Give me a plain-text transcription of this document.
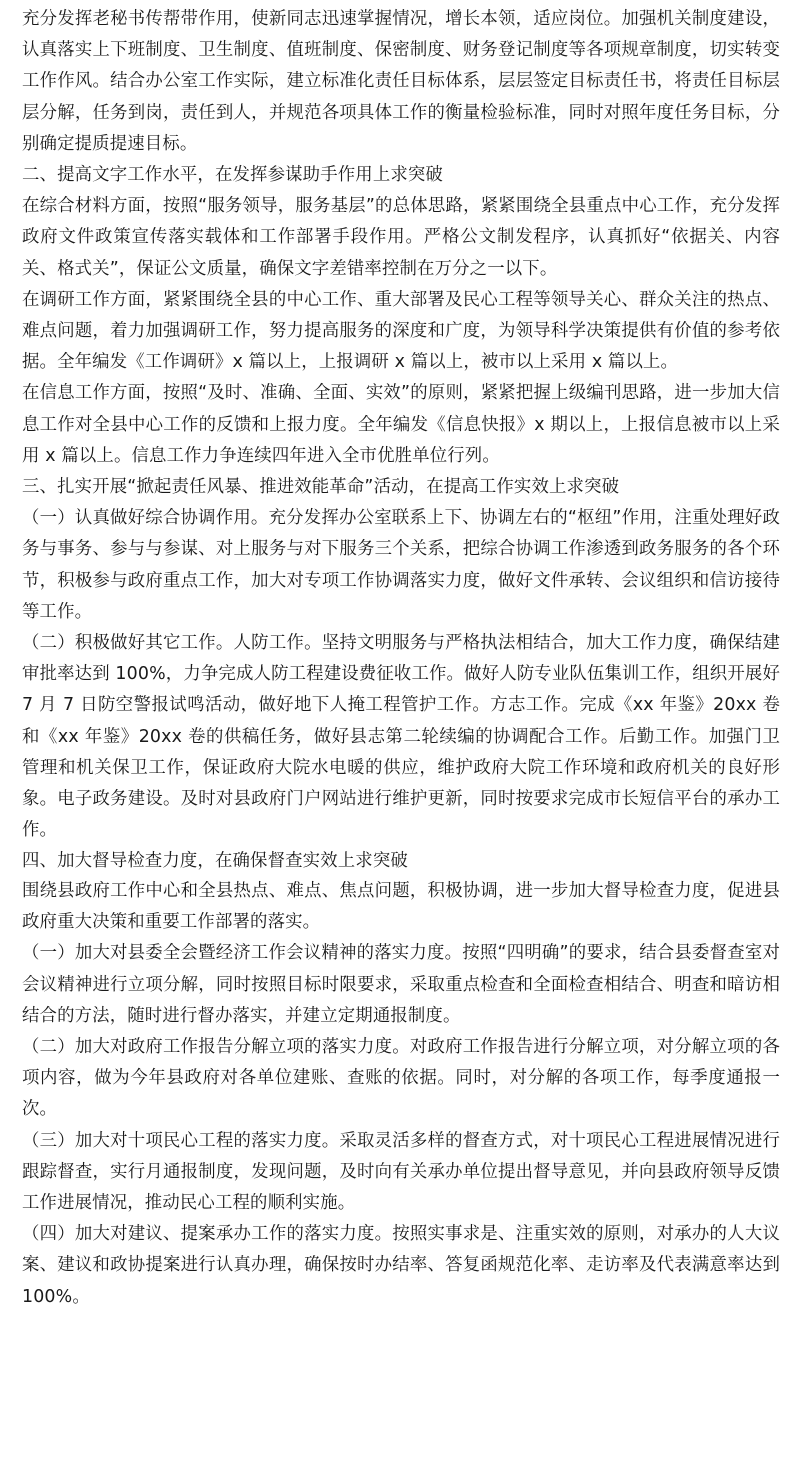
充分发挥老秘书传帮带作用，使新同志迅速掌握情况，增长本领，适应岗位。加强机关制度建设，认真落实上下班制度、卫生制度、值班制度、保密制度、财务登记制度等各项规章制度，切实转变工作作风。结合办公室工作实际，建立标准化责任目标体系，层层签定目标责任书，将责任目标层层分解，任务到岗，责任到人，并规范各项具体工作的衡量检验标准，同时对照年度任务目标，分别确定提质提速目标。

二、提高文字工作水平，在发挥参谋助手作用上求突破

在综合材料方面，按照“服务领导，服务基层”的总体思路，紧紧围绕全县重点中心工作，充分发挥政府文件政策宣传落实载体和工作部署手段作用。严格公文制发程序，认真抓好“依据关、内容关、格式关”，保证公文质量，确保文字差错率控制在万分之一以下。

在调研工作方面，紧紧围绕全县的中心工作、重大部署及民心工程等领导关心、群众关注的热点、难点问题，着力加强调研工作，努力提高服务的深度和广度，为领导科学决策提供有价值的参考依据。全年编发《工作调研》x 篇以上，上报调研 x 篇以上，被市以上采用 x 篇以上。

在信息工作方面，按照“及时、准确、全面、实效”的原则，紧紧把握上级编刊思路，进一步加大信息工作对全县中心工作的反馈和上报力度。全年编发《信息快报》x 期以上，上报信息被市以上采用 x 篇以上。信息工作力争连续四年进入全市优胜单位行列。

三、扎实开展“掀起责任风暴、推进效能革命”活动，在提高工作实效上求突破

（一）认真做好综合协调作用。充分发挥办公室联系上下、协调左右的“枢纽”作用，注重处理好政务与事务、参与与参谋、对上服务与对下服务三个关系，把综合协调工作渗透到政务服务的各个环节，积极参与政府重点工作，加大对专项工作协调落实力度，做好文件承转、会议组织和信访接待等工作。

（二）积极做好其它工作。人防工作。坚持文明服务与严格执法相结合，加大工作力度，确保结建审批率达到 100%，力争完成人防工程建设费征收工作。做好人防专业队伍集训工作，组织开展好 7 月 7 日防空警报试鸣活动，做好地下人掩工程管护工作。方志工作。完成《xx 年鉴》20xx 卷和《xx 年鉴》20xx 卷的供稿任务，做好县志第二轮续编的协调配合工作。后勤工作。加强门卫管理和机关保卫工作，保证政府大院水电暖的供应，维护政府大院工作环境和政府机关的良好形象。电子政务建设。及时对县政府门户网站进行维护更新，同时按要求完成市长短信平台的承办工作。

四、加大督导检查力度，在确保督查实效上求突破

围绕县政府工作中心和全县热点、难点、焦点问题，积极协调，进一步加大督导检查力度，促进县政府重大决策和重要工作部署的落实。

（一）加大对县委全会暨经济工作会议精神的落实力度。按照“四明确”的要求，结合县委督查室对会议精神进行立项分解，同时按照目标时限要求，采取重点检查和全面检查相结合、明查和暗访相结合的方法，随时进行督办落实，并建立定期通报制度。

（二）加大对政府工作报告分解立项的落实力度。对政府工作报告进行分解立项，对分解立项的各项内容，做为今年县政府对各单位建账、查账的依据。同时，对分解的各项工作，每季度通报一次。

（三）加大对十项民心工程的落实力度。采取灵活多样的督查方式，对十项民心工程进展情况进行跟踪督查，实行月通报制度，发现问题，及时向有关承办单位提出督导意见，并向县政府领导反馈工作进展情况，推动民心工程的顺利实施。

（四）加大对建议、提案承办工作的落实力度。按照实事求是、注重实效的原则，对承办的人大议案、建议和政协提案进行认真办理，确保按时办结率、答复函规范化率、走访率及代表满意率达到 100%。
